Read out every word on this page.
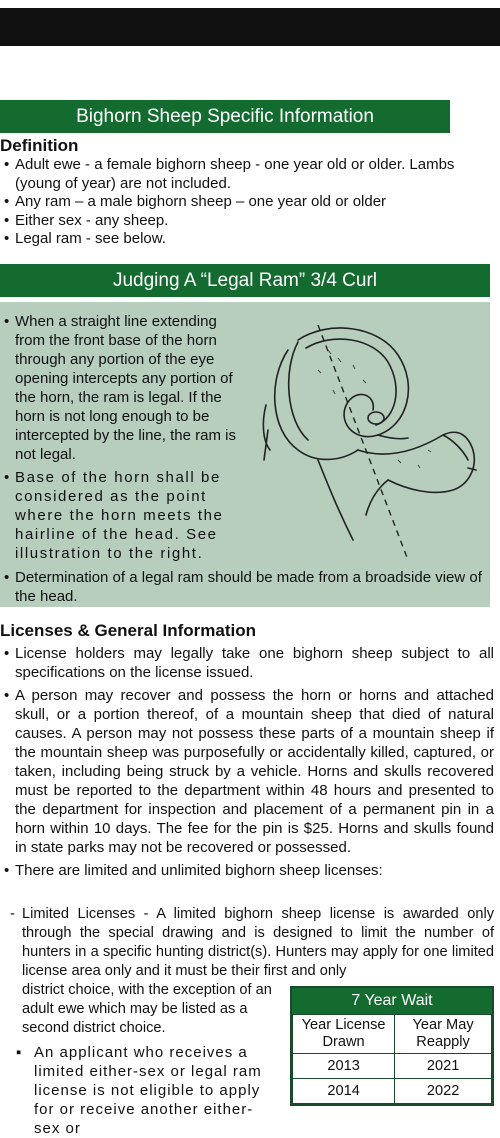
Bighorn Sheep Specific Information
Definition
• Adult ewe - a female bighorn sheep - one year old or older. Lambs (young of year) are not included.
• Any ram – a male bighorn sheep – one year old or older
• Either sex - any sheep.
• Legal ram - see below.
Judging A “Legal Ram” 3/4 Curl
• When a straight line extending from the front base of the horn through any portion of the eye opening intercepts any portion of the horn, the ram is legal. If the horn is not long enough to be intercepted by the line, the ram is not legal.
• Base of the horn shall be considered as the point where the horn meets the hairline of the head. See illustration to the right.
• Determination of a legal ram should be made from a broadside view of the head.
Licenses & General Information
• License holders may legally take one bighorn sheep subject to all specifications on the license issued.
• A person may recover and possess the horn or horns and attached skull, or a portion thereof, of a mountain sheep that died of natural causes. A person may not possess these parts of a mountain sheep if the mountain sheep was purposefully or accidentally killed, captured, or taken, including being struck by a vehicle. Horns and skulls recovered must be reported to the department within 48 hours and presented to the department for inspection and placement of a permanent pin in a horn within 10 days. The fee for the pin is $25. Horns and skulls found in state parks may not be recovered or possessed.
• There are limited and unlimited bighorn sheep licenses:
- Limited Licenses - A limited bighorn sheep license is awarded only through the special drawing and is designed to limit the number of hunters in a specific hunting district(s). Hunters may apply for one limited license area only and it must be their first and only
district choice, with the exception of an adult ewe which may be listed as a second district choice.
▪ An applicant who receives a limited either-sex or legal ram license is not eligible to apply for or receive another either-sex or
7 Year Wait
Year License Drawn	Year May Reapply
2013	2021
2014	2022
